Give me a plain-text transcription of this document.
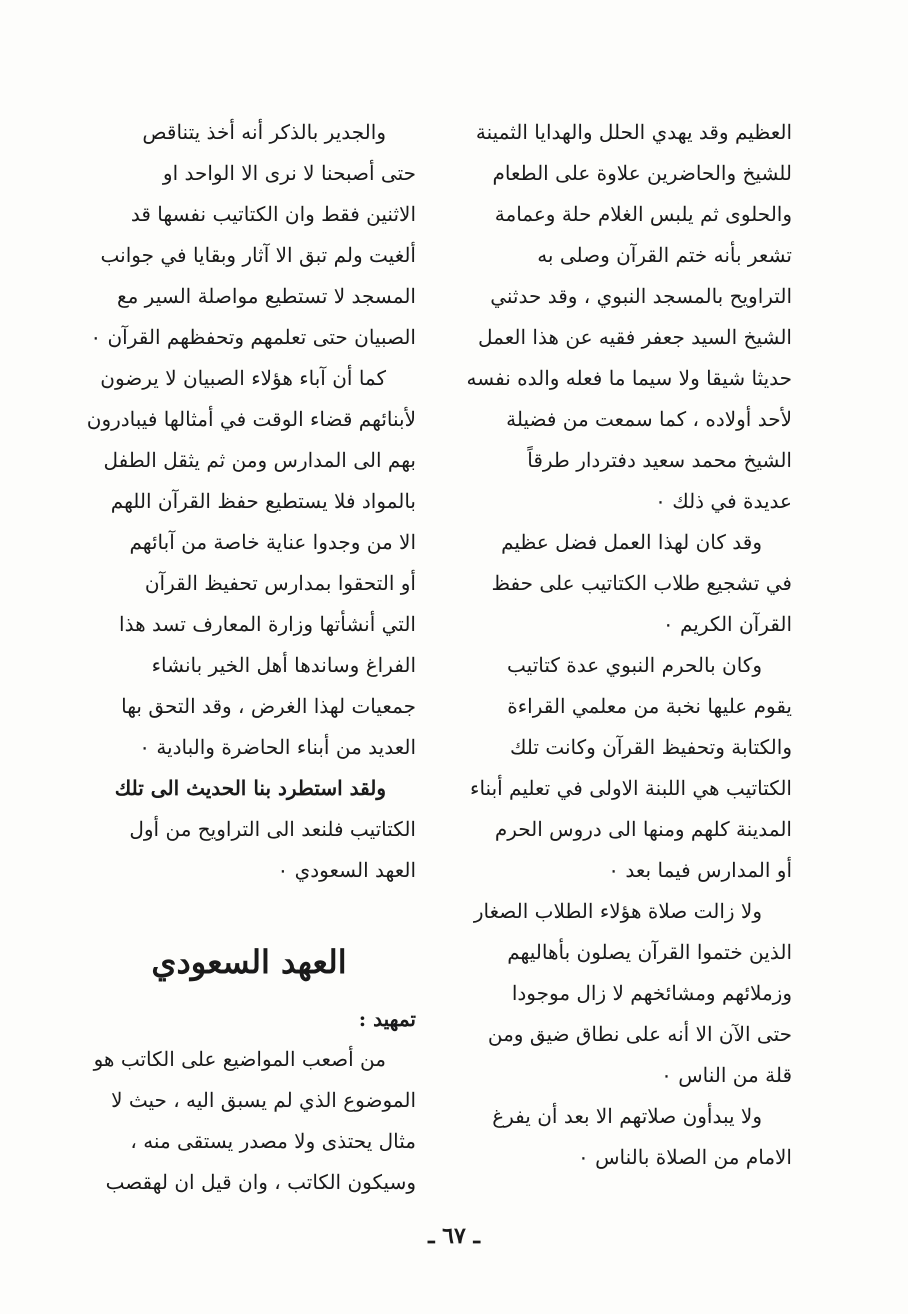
العظيم وقد يهدي الحلل والهدايا الثمينة
للشيخ والحاضرين علاوة على الطعام
والحلوى ثم يلبس الغلام حلة وعمامة
تشعر بأنه ختم القرآن وصلى به
التراويح بالمسجد النبوي ، وقد حدثني
الشيخ السيد جعفر فقيه عن هذا العمل
حديثا شيقا ولا سيما ما فعله والده نفسه
لأحد أولاده ، كما سمعت من فضيلة
الشيخ محمد سعيد دفتردار طرقاً
عديدة في ذلك ٠
وقد كان لهذا العمل فضل عظيم
في تشجيع طلاب الكتاتيب على حفظ
القرآن الكريم ٠
وكان بالحرم النبوي عدة كتاتيب
يقوم عليها نخبة من معلمي القراءة
والكتابة وتحفيظ القرآن وكانت تلك
الكتاتيب هي اللبنة الاولى في تعليم أبناء
المدينة كلهم ومنها الى دروس الحرم
أو المدارس فيما بعد ٠
ولا زالت صلاة هؤلاء الطلاب الصغار
الذين ختموا القرآن يصلون بأهاليهم
وزملائهم ومشائخهم لا زال موجودا
حتى الآن الا أنه على نطاق ضيق ومن
قلة من الناس ٠
ولا يبدأون صلاتهم الا بعد أن يفرغ
الامام من الصلاة بالناس ٠
والجدير بالذكر أنه أخذ يتناقص
حتى أصبحنا لا نرى الا الواحد او
الاثنين فقط وان الكتاتيب نفسها قد
ألغيت ولم تبق الا آثار وبقايا في جوانب
المسجد لا تستطيع مواصلة السير مع
الصبيان حتى تعلمهم وتحفظهم القرآن ٠
كما أن آباء هؤلاء الصبيان لا يرضون
لأبنائهم قضاء الوقت في أمثالها فيبادرون
بهم الى المدارس ومن ثم يثقل الطفل
بالمواد فلا يستطيع حفظ القرآن اللهم
الا من وجدوا عناية خاصة من آبائهم
أو التحقوا بمدارس تحفيظ القرآن
التي أنشأتها وزارة المعارف تسد هذا
الفراغ وساندها أهل الخير بانشاء
جمعيات لهذا الغرض ، وقد التحق بها
العديد من أبناء الحاضرة والبادية ٠
ولقد استطرد بنا الحديث الى تلك
الكتاتيب فلنعد الى التراويح من أول
العهد السعودي ٠
العهد السعودي
تمهيد :
من أصعب المواضيع على الكاتب هو
الموضوع الذي لم يسبق اليه ، حيث لا
مثال يحتذى ولا مصدر يستقى منه ،
وسيكون الكاتب ، وان قيل ان لهقصب
ـ ٦٧ ـ
